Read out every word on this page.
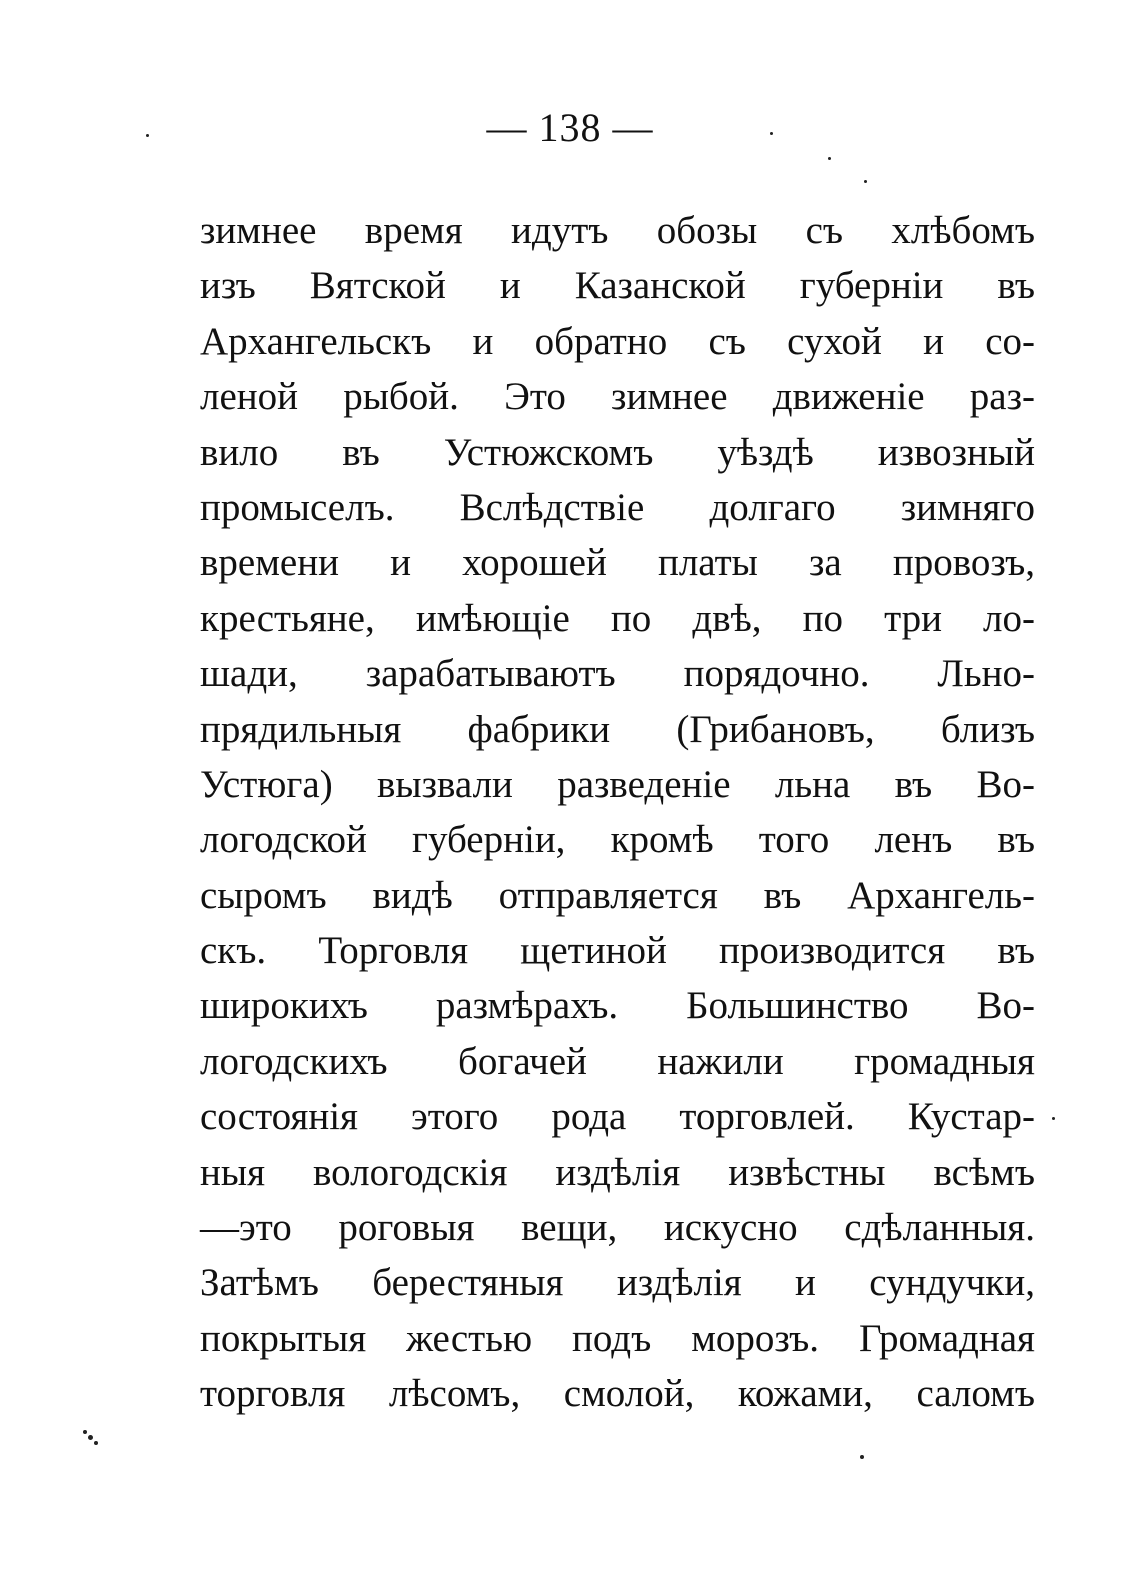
— 138 —
зимнее время идутъ обозы съ хлѣбомъ
изъ Вятской и Казанской губерніи въ
Архангельскъ и обратно съ сухой и со-
леной рыбой. Это зимнее движеніе раз-
вило въ Устюжскомъ уѣздѣ извозный
промыселъ. Вслѣдствіе долгаго зимняго
времени и хорошей платы за провозъ,
крестьяне, имѣющіе по двѣ, по три ло-
шади, зарабатываютъ порядочно. Льно-
прядильныя фабрики (Грибановъ, близъ
Устюга) вызвали разведеніе льна въ Во-
логодской губерніи, кромѣ того ленъ въ
сыромъ видѣ отправляется въ Архангель-
скъ. Торговля щетиной производится въ
широкихъ размѣрахъ. Большинство Во-
логодскихъ богачей нажили громадныя
состоянія этого рода торговлей. Кустар-
ныя вологодскія издѣлія извѣстны всѣмъ
—это роговыя вещи, искусно сдѣланныя.
Затѣмъ берестяныя издѣлія и сундучки,
покрытыя жестью подъ морозъ. Громадная
торговля лѣсомъ, смолой, кожами, саломъ
